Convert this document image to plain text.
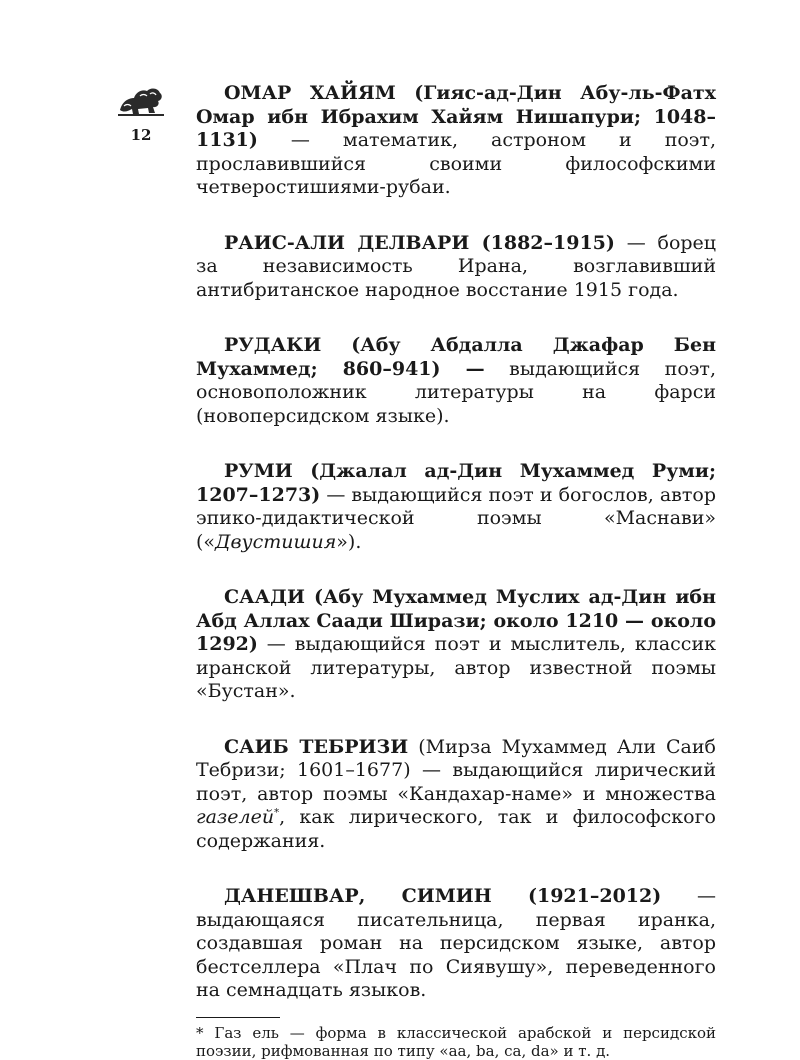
12

ОМАР ХАЙЯМ (Гияс-ад-Дин Абу-ль-Фатх Омар ибн Ибрахим Хайям Нишапури; 1048–1131) — математик, астроном и поэт, прославившийся своими философскими четверостишиями-рубаи.

РАИС-АЛИ ДЕЛВАРИ (1882–1915) — борец за независимость Ирана, возглавивший антибританское народное восстание 1915 года.

РУДАКИ (Абу Абдалла Джафар Бен Мухаммед; 860–941) — выдающийся поэт, основоположник литературы на фарси (новоперсидском языке).

РУМИ (Джалал ад-Дин Мухаммед Руми; 1207–1273) — выдающийся поэт и богослов, автор эпико-дидактической поэмы «Маснави» («Двустишия»).

СААДИ (Абу Мухаммед Муслих ад-Дин ибн Абд Аллах Саади Ширази; около 1210 — около 1292) — выдающийся поэт и мыслитель, классик иранской литературы, автор известной поэмы «Бустан».

САИБ ТЕБРИЗИ (Мирза Мухаммед Али Саиб Тебризи; 1601–1677) — выдающийся лирический поэт, автор поэмы «Кандахар-наме» и множества газелей*, как лирического, так и философского содержания.

ДАНЕШВАР, СИМИН (1921–2012) — выдающаяся писательница, первая иранка, создавшая роман на персидском языке, автор бестселлера «Плач по Сиявушу», переведенного на семнадцать языков.

* Газ ель — форма в классической арабской и персидской поэзии, рифмованная по типу «aa, ba, ca, da» и т. д.
